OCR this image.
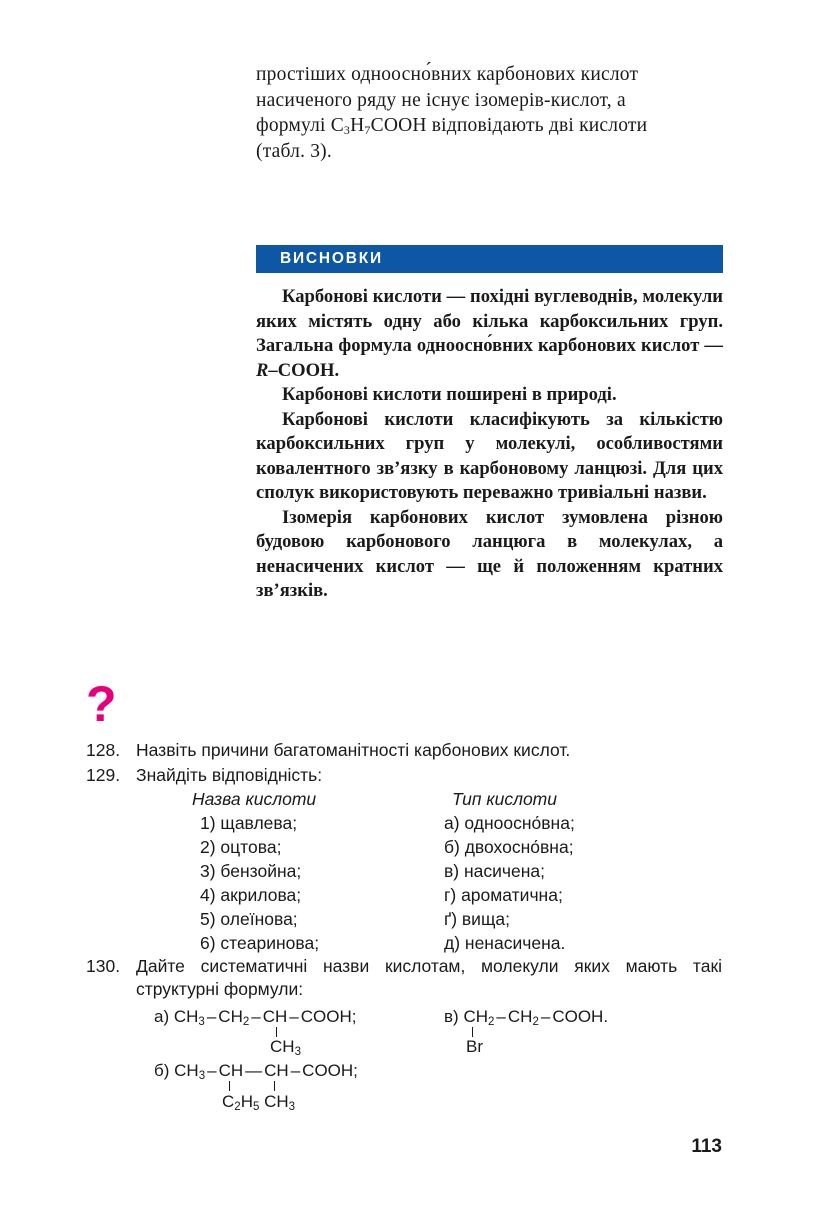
простіших одноосно́вних карбонових кислот

насиченого ряду не існує ізомерів-кислот, а

формулі $C_3H_7COOH$ відповідають дві кислоти

(табл. 3).

ВИСНОВКИ

Карбонові кислоти — похідні вуглеводнів, молекули яких містять одну або кілька карбоксильних груп. Загальна формула одноосно́вних карбонових кислот — R–COOH.

Карбонові кислоти поширені в природі.

Карбонові кислоти класифікують за кількістю карбоксильних груп у молекулі, особливостями ковалентного зв’язку в карбоновому ланцюзі. Для цих сполук використовують переважно тривіальні назви.

Ізомерія карбонових кислот зумовлена різною будовою карбонового ланцюга в молекулах, а ненасичених кислот — ще й положенням кратних зв’язків.

?
128. Назвіть причини багатоманітності карбонових кислот.
129. Знайдіть відповідність:
Назва кислоти
1) щавлева;
2) оцтова;
3) бензойна;
4) акрилова;
5) олеїнова;
6) стеаринова;
Тип кислоти
а) одноосно́вна;
б) двохосно́вна;
в) насичена;
г) ароматична;
ґ) вища;
д) ненасичена.
130. Дайте систематичні назви кислотам, молекули яких мають такі
структурні формули:
а) $CH_3 - CH_2$ – CH – COOH;
$CH_3$
б) $CH_3$ – CH — CH – COOH;
$C_2H_5$ $CH_3$
в) $CH_2 - CH_2$ – COOH.
Br
113
